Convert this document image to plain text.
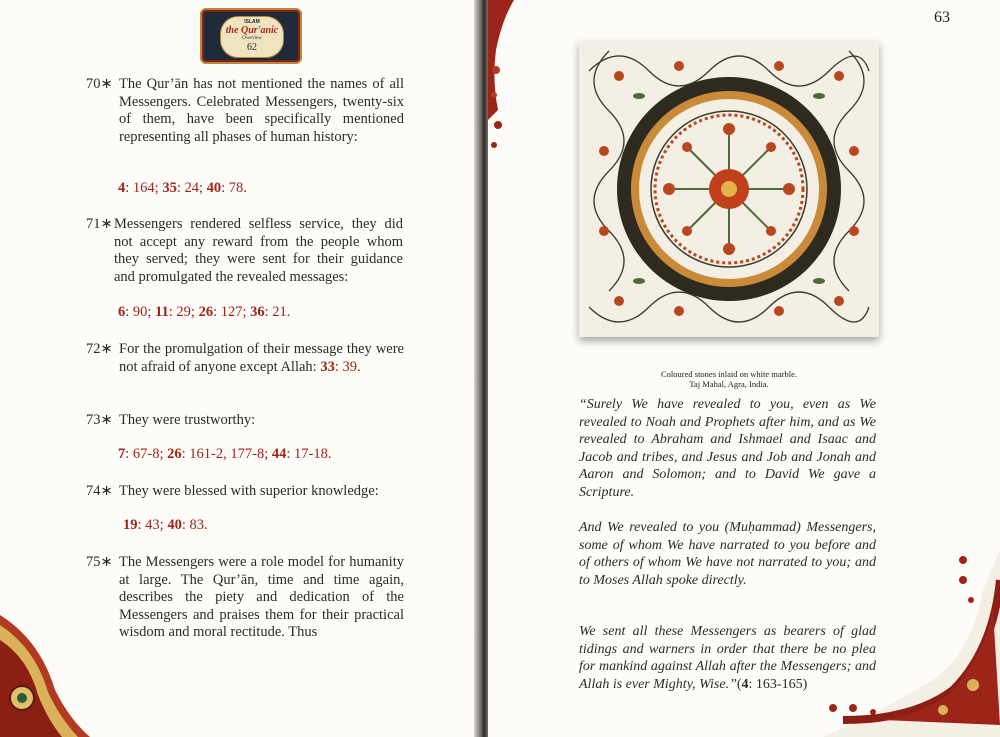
ISLAM
the Qur'anic
Overview
62
70∗ The Qur’ān has not mentioned the names of all Messengers. Celebrated Messengers, twenty-six of them, have been specifically mentioned representing all phases of human history:
4: 164; 35: 24; 40: 78.
71∗ Messengers rendered selfless service, they did not accept any reward from the people whom they served; they were sent for their guidance and promulgated the revealed messages:
6: 90; 11: 29; 26: 127; 36: 21.
72∗ For the promulgation of their message they were not afraid of anyone except Allah: 33: 39.
73∗ They were trustworthy:
7: 67-8; 26: 161-2, 177-8; 44: 17-18.
74∗ They were blessed with superior knowledge:
19: 43; 40: 83.
75∗ The Messengers were a role model for humanity at large. The Qur’ān, time and time again, describes the piety and dedication of the Messengers and praises them for their practical wisdom and moral rectitude. Thus
63
Coloured stones inlaid on white marble.
Taj Mahal, Agra, India.
“Surely We have revealed to you, even as We revealed to Noah and Prophets after him, and as We revealed to Abraham and Ishmael and Isaac and Jacob and tribes, and Jesus and Job and Jonah and Aaron and Solomon; and to David We gave a Scripture.
And We revealed to you (Muḥammad) Messengers, some of whom We have narrated to you before and of others of whom We have not narrated to you; and to Moses Allah spoke directly.
We sent all these Messengers as bearers of glad tidings and warners in order that there be no plea for mankind against Allah after the Messengers; and Allah is ever Mighty, Wise.”(4: 163-165)
